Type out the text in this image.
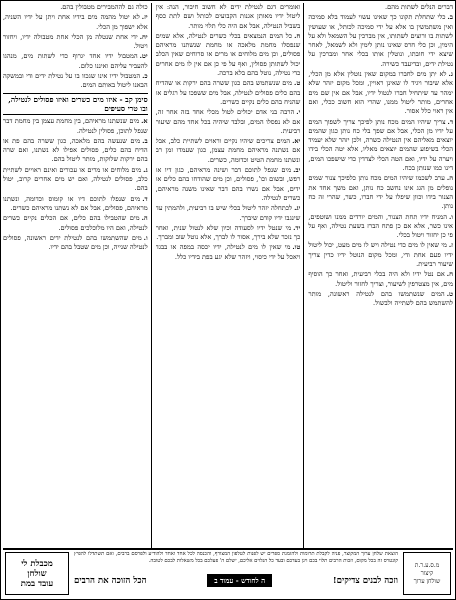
דברים הנלים לשתות מהם.

ב.כלי שתחלת תקונו כך שאינו עשוי לעמוד בלא סמיכה ואין משתמשין בו אלא על ידי סמיכה לכותל, או שעושין לשתות בו ורוצים לשתותו, אין מברכין על השמאל ולא על הימין, וכן כלי חרס שאינו נותן לימין ולא לשמאל, לאחר שיצא ידי חובתו, ונוטלין אותו בכלי אחר ומברכין על נטילת ידים, ובדיעבד כשירה.

ג.לא יתן מים לחברו במקום שאין נוטלין אלא מן הכלי, אלא שיבור ויגיד לו שאינן ראויין, ומכל מקום יזהר שלא ימהר עד שיתחיל חברו לנטול ידיו, אבל אם אין שם מים אחרים, מותר ליטול ממנו, שהרי הוא חשוב ככלי, ואם אין ראוי כלל אסור.

ד.צריך שיהיו המים מכח נותן לפיכך צריך לשפוך המים על ידיו מן הכלי, אבל אם שפך בלי כח נותן כגון שהמים יוצאים מאליהם אין הנטילה כשרה, ולכן יזהר שלא יעמיד הכלי בשיפוע שהמים יוצאים מאליו, אלא יטה הכלי בידו ויערה על ידיו, ואם הטה הכלי לצדדין כדי שישפכו המים, דינו כמו שנותן בכח.

ה.ערב לשכמו שיהיו המים מכח נותן כלפיכך צנור שמים נופלים מן הגג אינו נחשב כח נותן, ואם משך אחד את הצנור בידו וכוון שיפלו על ידי חברו, כשר, שהרי זה כח נותן.

ו.המניח ידיו תחת הצנור, והמים יורדים ממנו ושוטפים, אינו כשר, אלא אם כן פתח הברז בשעת נטילה, ואף על פי כן יחזור ויטול בכלי.

ז.מי שאין לו מים כדי נטילה ויש לו מים מעט, יכול ליטול ידיו פעם אחת ודי, ומכל מקום הנוטל ידיו כדין צריך שיעור רביעית.

ח.אם נטל ידיו ולא היה בכלי רביעית, ואחר כך הוסיף מים, אין מצטרפין לשיעור, וצריך לחזור וליטול.

ט.המים שנשתמשו בהם לנטילה ראשונה, מותר להשתמש בהם לשתייה ולבשול.

ואומרים דגם לנטילת ידים לא חשוב חיבור, הנה: אין ליטול ידיו מאותן אגנות הקבועים לכותל ושם לתת כסף בשביל הנטילה, אבל אם היה כלי תלוי מותר.

ח.כל המים הנמצאים בכלי כשרים לנטילה, אלא שמים שנפסלו מחמת מלאכה או מחמת שנשתנו מראיהם פסולים, וכן מים מלוחים או מרים או סרוחים שאין הכלב יכול לשתותן פסולין, ואף על פי כן אם אין לו מים אחרים כדי נטילה, נוטל בהם בלא ברכה.

ט.מים שנשתמש בהם כגון ששרה בהם ירקות או שהדיח בהם כלים פסולים לנטילה, אבל מים ששפכו על רגלים או שהניח בהם כלים נקיים כשרים.

י.הרבה בני אדם יכולים לטול מכלי אחד בזה אחר זה, אם לא נפסלו המים, ובלבד שיהיה בכל אחד מהם שיעור רביעית.

יא.המים צריכים שיהיו נקיים וראוים לשתיית כלב, אבל אם נשתנה מראיהם מחמת עצמן, כגון שעמדו זמן רב ונשתנו מחמת הטיט וכדומה, כשרים.

יב.מים שנפל לתוכם דבר ושינה מראיהם, כגון דיו או רפש, ובשום וכו', פסולים, וכן מים שהודחו בהם כלים או ידים, אבל אם נשרו בהם דבר שאינו משנה מראיהם, כשרים לנטילה.

יג.לכתחלה יזהר ליטול בכלי שיש בו רביעית, ולהמתין עד שינגבו ידיו קודם שיברך.

יד.מי שנטל ידיו לסעודה וכיון שלא לנטול שנית, ואחר כך נזכר שלא בירך, אסור לו לברך, אלא נוטל שוב ומברך.

טו.מי שאין לו מים לנטילה, ידיו יכסה במפה או בבגד ויאכל על ידי כיסוי, ויזהר שלא יגע בפת בידיו כלל.

כולה גם לההמבירים מטבולין בהם.

יז.לא יטול מהמה מים בידיו אחת ויתן על ידיו השניה, אלא ישפוך מן הכלי.

יח.ידי אחת שנטלה מן הכלי אחת מטבולה ידיו, ויחזור ויטול.

יט.המטבול ידיו אחד יגרוף כדי לשתות מים, מנהגו להעביר עליהם ואיננו כלום.

כ.המטבול ידיו אינו שגכוו בו על נטילת ידים ודי ובמשקה הבאנו ליטול באותם המים.

סימן קב - איזו מים כשרים ואיזו פסולים לנטילה, ובו טרי סעיפים

א.מים שנשתנו מראיהם, בין מחמת עצמן בין מחמת דבר שנפל לתוכן, פסולין לנטילה.

ב.מים שנעשה בהם מלאכה, כגון ששרה בהם פת או הדיח בהם כלים, פסולים אפילו לא נשתנו, ואם שרה בהם ירקות שלוקות, מותר ליטול בהם.

ג.מים מלוחים או מרים או עכורים ואינם ראויים לשתיית כלב, פסולים לנטילה, ואם יש מים אחרים קרוב, יטול בהם.

ד.מים שנפלו לתוכם דיו או קומוס וכדומה, ונשתנו מראיהם, פסולים, אבל אם לא נשתנו מראיהם כשרים.

ה.מים שהטבילו בהם כלים, אם הכלים נקיים כשרים לנטילה, ואם היו מלוכלכים פסולים.

ו.מים שהשתמשו בהם לנטילת ידים ראשונה, פסולים לנטילה שנייה, וכן מים שטבל בהם ידיו.

מ.ס.ע.ר.ת
קיצור
שולחן ערוך
הוצאת שלחן ערוך המקוצר, פניה לקבלת תרומות ולהזמנת ספרים יש לפנות לטלפון המצורף, והכנסה לכל אחד ואחד ולהודיע ולפרסם ברבים, ואם תשתדלו להפיץ קונטרס זה בכל מקום, וזכות הרבים תלוי בכם ויגן בעדכם ובעד כל הנלוים אליכם, ישלם ה' פעלכם בכל משאלות לבכם לטובה.
הכל הזוכה את הרבים	ה לחודש - עמוד ב	וזכה לבנים צדיקים!
מכבלת לי
שולחן
עובד במת
